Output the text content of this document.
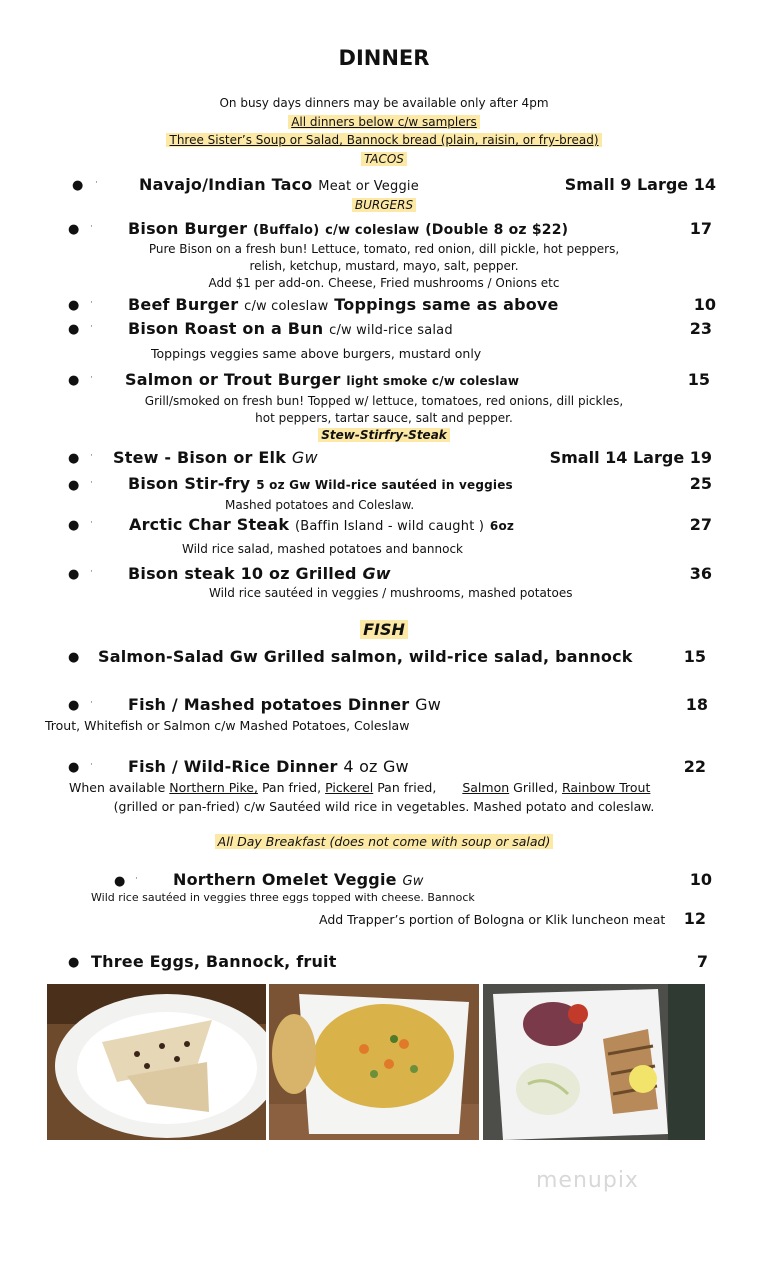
DINNER
On busy days dinners may be available only after 4pm
All dinners below c/w samplers
Three Sister’s Soup or Salad, Bannock bread (plain, raisin, or fry-bread)
TACOS
● ·	Navajo/Indian Taco Meat or Veggie	Small 9 Large 14
BURGERS
● · Bison Burger (Buffalo) c/w coleslaw (Double 8 oz $22)	17
Pure Bison on a fresh bun! Lettuce, tomato, red onion, dill pickle, hot peppers,
relish, ketchup, mustard, mayo, salt, pepper.
Add $1 per add-on. Cheese, Fried mushrooms / Onions etc
● · Beef Burger c/w coleslaw Toppings same as above	10
● · Bison Roast on a Bun c/w wild-rice salad	23
Toppings veggies same above burgers, mustard only
● · Salmon or Trout Burger light smoke c/w coleslaw	15
Grill/smoked on fresh bun! Topped w/ lettuce, tomatoes, red onions, dill pickles,
hot peppers, tartar sauce, salt and pepper.
Stew-Stirfry-Steak
● · Stew - Bison or Elk Gw	Small 14 Large 19
● · Bison Stir-fry 5 oz Gw Wild-rice sautéed in veggies	25
Mashed potatoes and Coleslaw.
● · Arctic Char Steak (Baffin Island - wild caught ) 6oz	27
Wild rice salad, mashed potatoes and bannock
● · Bison steak 10 oz Grilled Gw	36
Wild rice sautéed in veggies / mushrooms, mashed potatoes
FISH
● Salmon-Salad Gw Grilled salmon, wild-rice salad, bannock	15
● · Fish / Mashed potatoes Dinner Gw	18
Trout, Whitefish or Salmon c/w Mashed Potatoes, Coleslaw
● · Fish / Wild-Rice Dinner 4 oz Gw	22
When available Northern Pike, Pan fried, Pickerel Pan fried, Salmon Grilled, Rainbow Trout
(grilled or pan-fried) c/w Sautéed wild rice in vegetables. Mashed potato and coleslaw.
All Day Breakfast (does not come with soup or salad)
● · Northern Omelet Veggie Gw	10
Wild rice sautéed in veggies three eggs topped with cheese. Bannock
Add Trapper’s portion of Bologna or Klik luncheon meat 12
● Three Eggs, Bannock, fruit	7
menupix
